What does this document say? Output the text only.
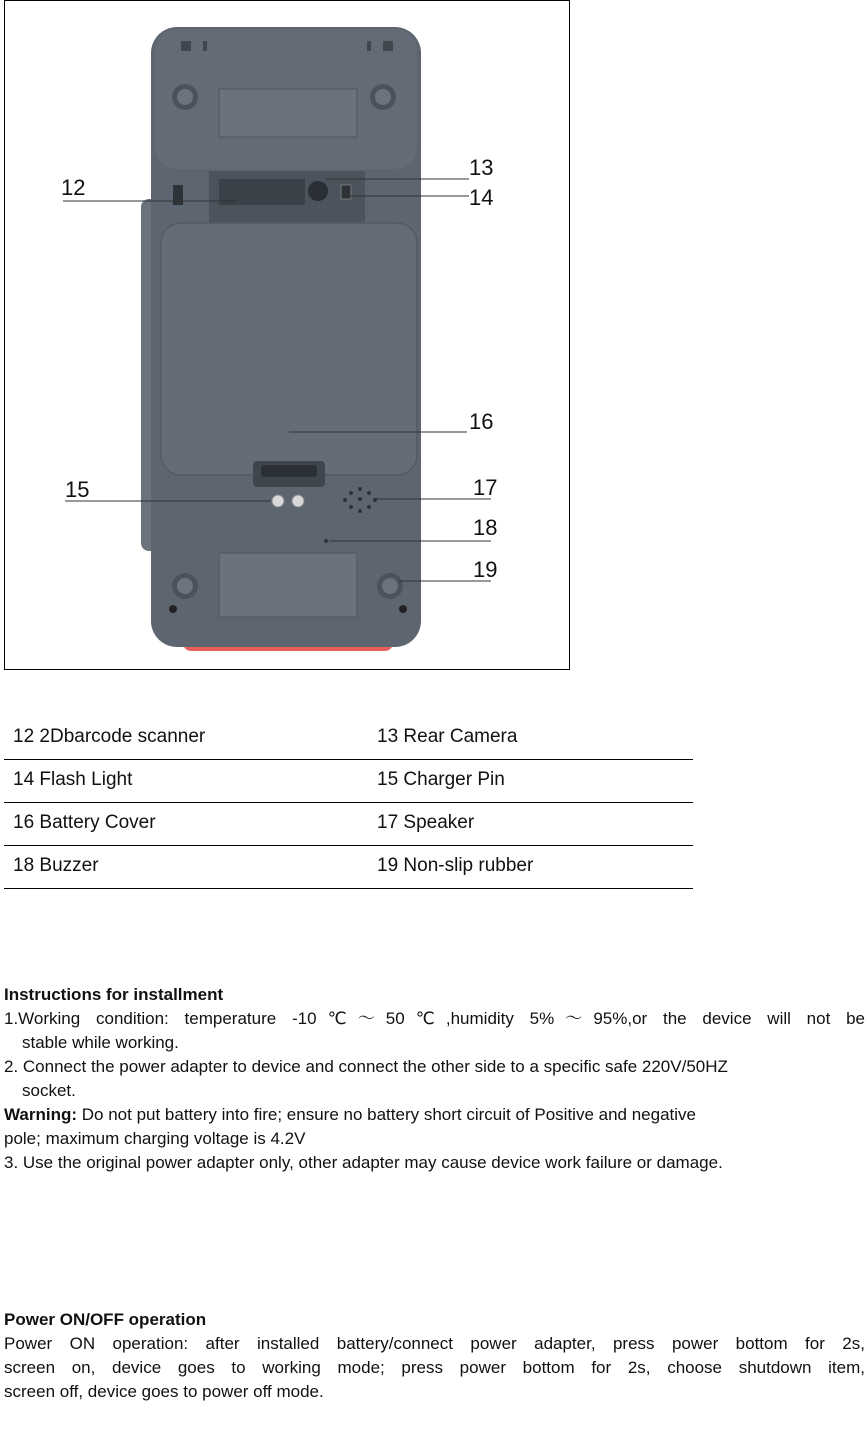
12
13
14
15
16
17
18
19
12 2Dbarcode scanner	13 Rear Camera
14 Flash Light	15 Charger Pin
16 Battery Cover	17 Speaker
18 Buzzer	19 Non-slip rubber
Instructions for installment
1.Working condition: temperature -10℃～50℃,humidity 5%～95%,or the device will not be
stable while working.
2. Connect the power adapter to device and connect the other side to a specific safe 220V/50HZ
socket.
Warning: Do not put battery into fire; ensure no battery short circuit of Positive and negative
pole; maximum charging voltage is 4.2V
3. Use the original power adapter only, other adapter may cause device work failure or damage.
Power ON/OFF operation
Power ON operation: after installed battery/connect power adapter, press power bottom for 2s,
screen on, device goes to working mode; press power bottom for 2s, choose shutdown item,
screen off, device goes to power off mode.
